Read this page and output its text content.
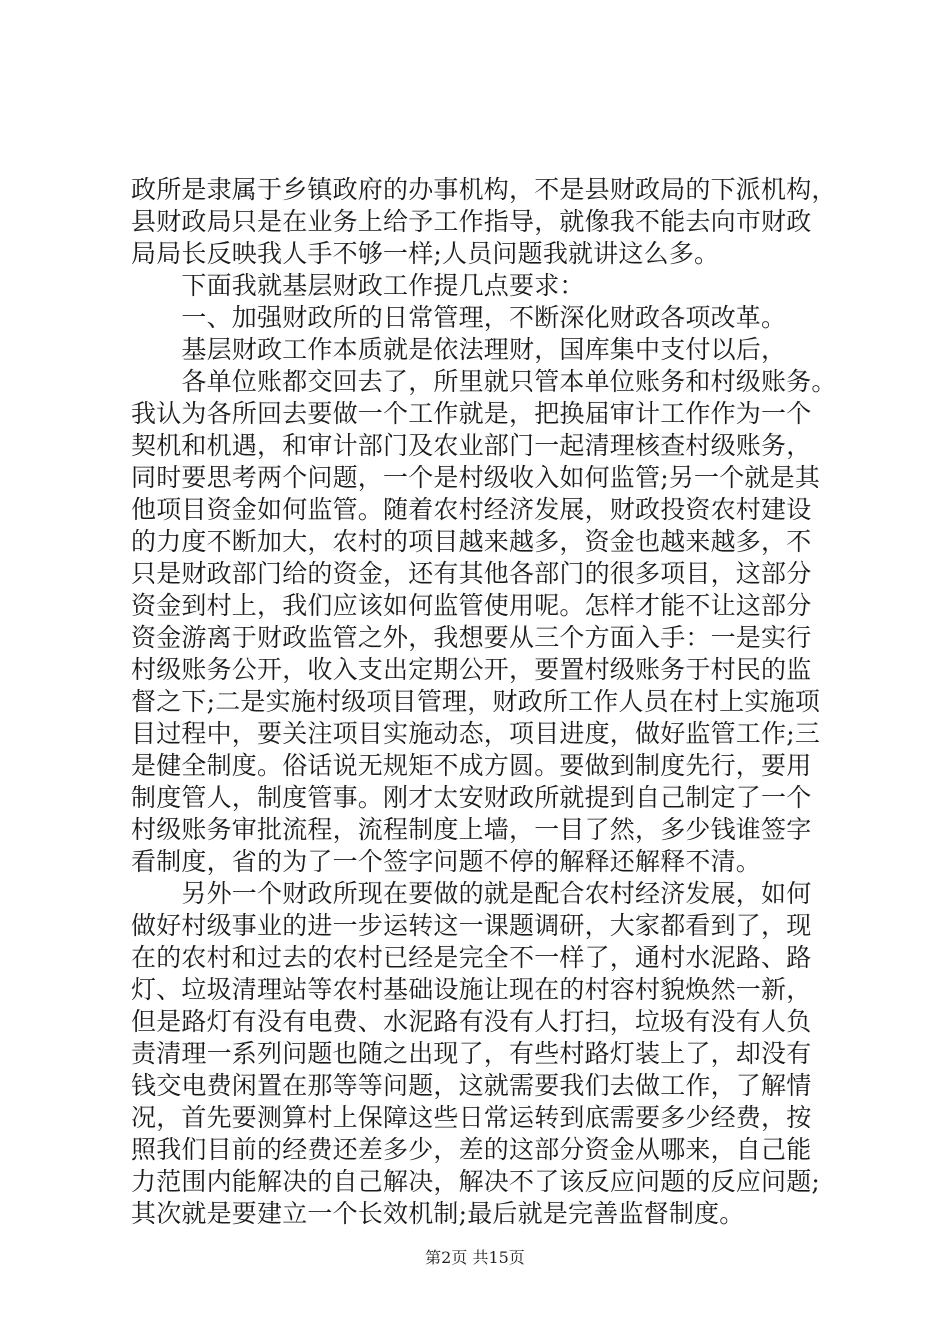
政所是隶属于乡镇政府的办事机构，不是县财政局的下派机构，
县财政局只是在业务上给予工作指导，就像我不能去向市财政
局局长反映我人手不够一样;人员问题我就讲这么多。
　　下面我就基层财政工作提几点要求：
　　一、加强财政所的日常管理，不断深化财政各项改革。
　　基层财政工作本质就是依法理财，国库集中支付以后，
　　各单位账都交回去了，所里就只管本单位账务和村级账务。
我认为各所回去要做一个工作就是，把换届审计工作作为一个
契机和机遇，和审计部门及农业部门一起清理核查村级账务，
同时要思考两个问题，一个是村级收入如何监管;另一个就是其
他项目资金如何监管。随着农村经济发展，财政投资农村建设
的力度不断加大，农村的项目越来越多，资金也越来越多，不
只是财政部门给的资金，还有其他各部门的很多项目，这部分
资金到村上，我们应该如何监管使用呢。怎样才能不让这部分
资金游离于财政监管之外，我想要从三个方面入手：一是实行
村级账务公开，收入支出定期公开，要置村级账务于村民的监
督之下;二是实施村级项目管理，财政所工作人员在村上实施项
目过程中，要关注项目实施动态，项目进度，做好监管工作;三
是健全制度。俗话说无规矩不成方圆。要做到制度先行，要用
制度管人，制度管事。刚才太安财政所就提到自己制定了一个
村级账务审批流程，流程制度上墙，一目了然，多少钱谁签字
看制度，省的为了一个签字问题不停的解释还解释不清。
　　另外一个财政所现在要做的就是配合农村经济发展，如何
做好村级事业的进一步运转这一课题调研，大家都看到了，现
在的农村和过去的农村已经是完全不一样了，通村水泥路、路
灯、垃圾清理站等农村基础设施让现在的村容村貌焕然一新，
但是路灯有没有电费、水泥路有没有人打扫，垃圾有没有人负
责清理一系列问题也随之出现了，有些村路灯装上了，却没有
钱交电费闲置在那等等问题，这就需要我们去做工作，了解情
况，首先要测算村上保障这些日常运转到底需要多少经费，按
照我们目前的经费还差多少，差的这部分资金从哪来，自己能
力范围内能解决的自己解决，解决不了该反应问题的反应问题;
其次就是要建立一个长效机制;最后就是完善监督制度。
第2页 共15页
